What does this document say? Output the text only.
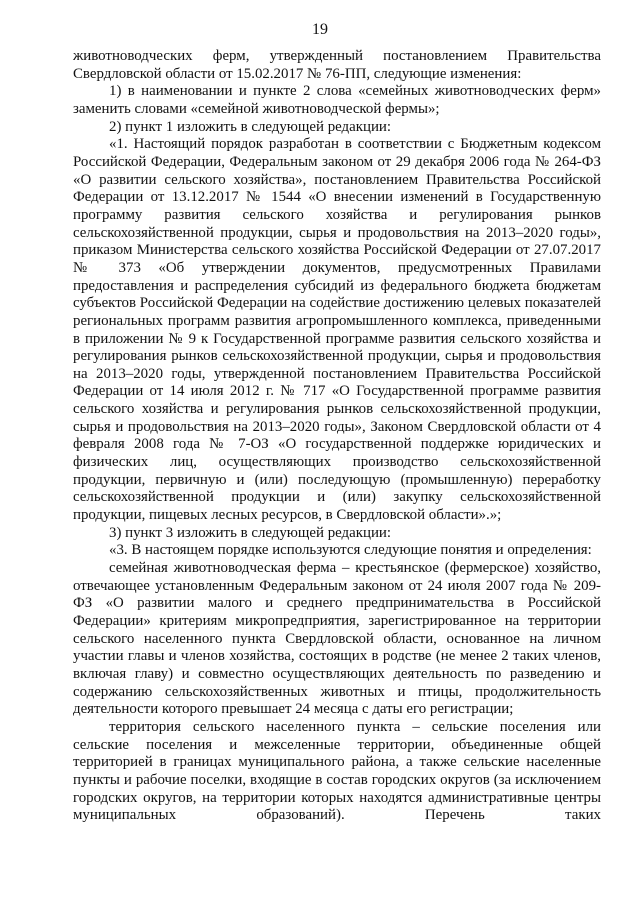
19

животноводческих ферм, утвержденный постановлением Правительства Свердловской области от 15.02.2017 № 76-ПП, следующие изменения:

1) в наименовании и пункте 2 слова «семейных животноводческих ферм» заменить словами «семейной животноводческой фермы»;

2) пункт 1 изложить в следующей редакции:

«1. Настоящий порядок разработан в соответствии с Бюджетным кодексом Российской Федерации, Федеральным законом от 29 декабря 2006 года № 264-ФЗ «О развитии сельского хозяйства», постановлением Правительства Российской Федерации от 13.12.2017 № 1544 «О внесении изменений в Государственную программу развития сельского хозяйства и регулирования рынков сельскохозяйственной продукции, сырья и продовольствия на 2013–2020 годы», приказом Министерства сельского хозяйства Российской Федерации от 27.07.2017 № 373 «Об утверждении документов, предусмотренных Правилами предоставления и распределения субсидий из федерального бюджета бюджетам субъектов Российской Федерации на содействие достижению целевых показателей региональных программ развития агропромышленного комплекса, приведенными в приложении № 9 к Государственной программе развития сельского хозяйства и регулирования рынков сельскохозяйственной продукции, сырья и продовольствия на 2013–2020 годы, утвержденной постановлением Правительства Российской Федерации от 14 июля 2012 г. № 717 «О Государственной программе развития сельского хозяйства и регулирования рынков сельскохозяйственной продукции, сырья и продовольствия на 2013–2020 годы», Законом Свердловской области от 4 февраля 2008 года № 7-ОЗ «О государственной поддержке юридических и физических лиц, осуществляющих производство сельскохозяйственной продукции, первичную и (или) последующую (промышленную) переработку сельскохозяйственной продукции и (или) закупку сельскохозяйственной продукции, пищевых лесных ресурсов, в Свердловской области».»;

3) пункт 3 изложить в следующей редакции:

«3. В настоящем порядке используются следующие понятия и определения:

семейная животноводческая ферма – крестьянское (фермерское) хозяйство, отвечающее установленным Федеральным законом от 24 июля 2007 года № 209-ФЗ «О развитии малого и среднего предпринимательства в Российской Федерации» критериям микропредприятия, зарегистрированное на территории сельского населенного пункта Свердловской области, основанное на личном участии главы и членов хозяйства, состоящих в родстве (не менее 2 таких членов, включая главу) и совместно осуществляющих деятельность по разведению и содержанию сельскохозяйственных животных и птицы, продолжительность деятельности которого превышает 24 месяца с даты его регистрации;

территория сельского населенного пункта – сельские поселения или сельские поселения и межселенные территории, объединенные общей территорией в границах муниципального района, а также сельские населенные пункты и рабочие поселки, входящие в состав городских округов (за исключением городских округов, на территории которых находятся административные центры муниципальных образований). Перечень таких
